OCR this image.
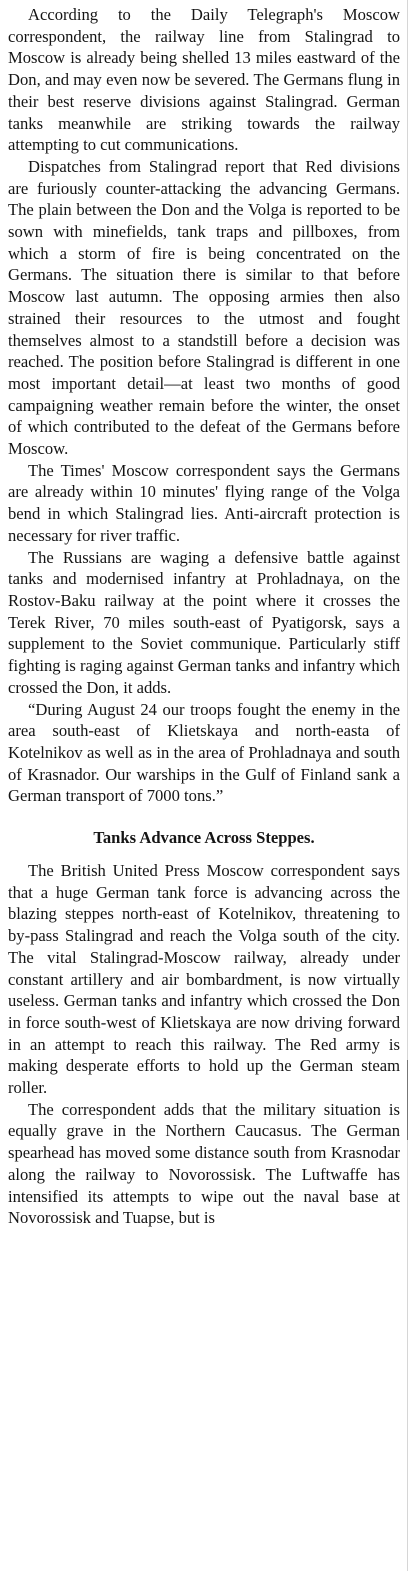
According to the Daily Telegraph's Moscow correspondent, the railway line from Stalingrad to Moscow is already being shelled 13 miles eastward of the Don, and may even now be severed. The Germans flung in their best reserve divisions against Stalingrad. German tanks meanwhile are striking towards the railway attempting to cut communications.

Dispatches from Stalingrad report that Red divisions are furiously counter-attacking the advancing Germans. The plain between the Don and the Volga is reported to be sown with minefields, tank traps and pillboxes, from which a storm of fire is being concentrated on the Germans. The situation there is similar to that before Moscow last autumn. The opposing armies then also strained their resources to the utmost and fought themselves almost to a standstill before a decision was reached. The position before Stalingrad is different in one most important detail—at least two months of good campaigning weather remain before the winter, the onset of which contributed to the defeat of the Germans before Moscow.

The Times' Moscow correspondent says the Germans are already within 10 minutes' flying range of the Volga bend in which Stalingrad lies. Anti-aircraft protection is necessary for river traffic.

The Russians are waging a defensive battle against tanks and modernised infantry at Prohladnaya, on the Rostov-Baku railway at the point where it crosses the Terek River, 70 miles south-east of Pyatigorsk, says a supplement to the Soviet communique. Particularly stiff fighting is raging against German tanks and infantry which crossed the Don, it adds.

“During August 24 our troops fought the enemy in the area south-east of Klietskaya and north-easta of Kotelnikov as well as in the area of Prohladnaya and south of Krasnador. Our warships in the Gulf of Finland sank a German transport of 7000 tons.”

Tanks Advance Across Steppes.

The British United Press Moscow correspondent says that a huge German tank force is advancing across the blazing steppes north-east of Kotelnikov, threatening to by-pass Stalingrad and reach the Volga south of the city. The vital Stalingrad-Moscow railway, already under constant artillery and air bombardment, is now virtually useless. German tanks and infantry which crossed the Don in force south-west of Klietskaya are now driving forward in an attempt to reach this railway. The Red army is making desperate efforts to hold up the German steam roller.

The correspondent adds that the military situation is equally grave in the Northern Caucasus. The German spearhead has moved some distance south from Krasnodar along the railway to Novorossisk. The Luftwaffe has intensified its attempts to wipe out the naval base at Novorossisk and Tuapse, but is
